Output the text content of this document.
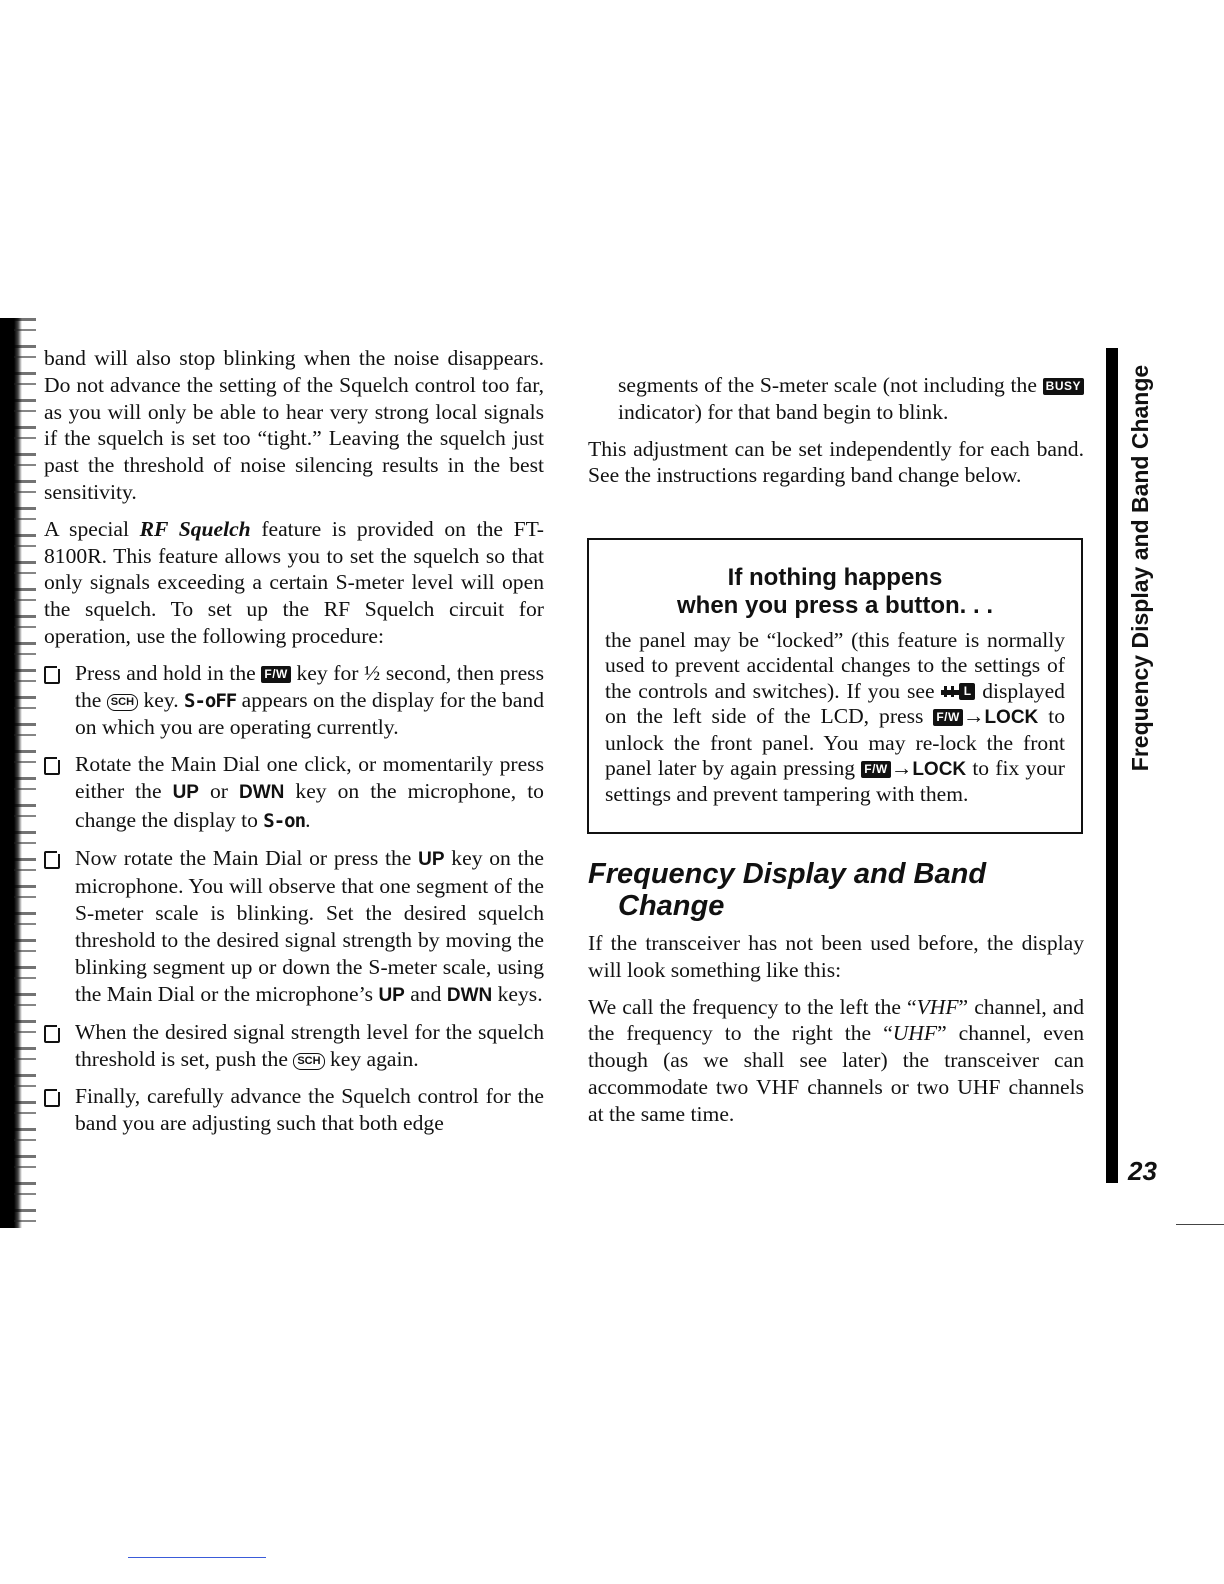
band will also stop blinking when the noise disappears. Do not advance the setting of the Squelch control too far, as you will only be able to hear very strong local signals if the squelch is set too “tight.” Leaving the squelch just past the threshold of noise silencing results in the best sensitivity.

A special RF Squelch feature is provided on the FT-8100R. This feature allows you to set the squelch so that only signals exceeding a certain S-meter level will open the squelch. To set up the RF Squelch circuit for operation, use the following procedure:

Press and hold in the F/W key for ½ second, then press the SCH key. S-oFF appears on the display for the band on which you are operating currently.
Rotate the Main Dial one click, or momentarily press either the UP or DWN key on the microphone, to change the display to S-on.
Now rotate the Main Dial or press the UP key on the microphone. You will observe that one segment of the S-meter scale is blinking. Set the desired squelch threshold to the desired signal strength by moving the blinking segment up or down the S-meter scale, using the Main Dial or the microphone’s UP and DWN keys.
When the desired signal strength level for the squelch threshold is set, push the SCH key again.
Finally, carefully advance the Squelch control for the band you are adjusting such that both edge

segments of the S-meter scale (not including the BUSY indicator) for that band begin to blink.

This adjustment can be set independently for each band. See the instructions regarding band change below.

If nothing happens
when you press a button. . .
the panel may be “locked” (this feature is normally used to prevent accidental changes to the settings of the controls and switches). If you see	L displayed on the left side of the LCD, press F/W →LOCK to unlock the front panel. You may re-lock the front panel later by again pressing F/W →LOCK to fix your settings and prevent tampering with them.
Frequency Display and Band
Change

If the transceiver has not been used before, the display will look something like this:

We call the frequency to the left the “VHF” channel, and the frequency to the right the “UHF” channel, even though (as we shall see later) the transceiver can accommodate two VHF channels or two UHF channels at the same time.

Frequency Display and Band Change
23
